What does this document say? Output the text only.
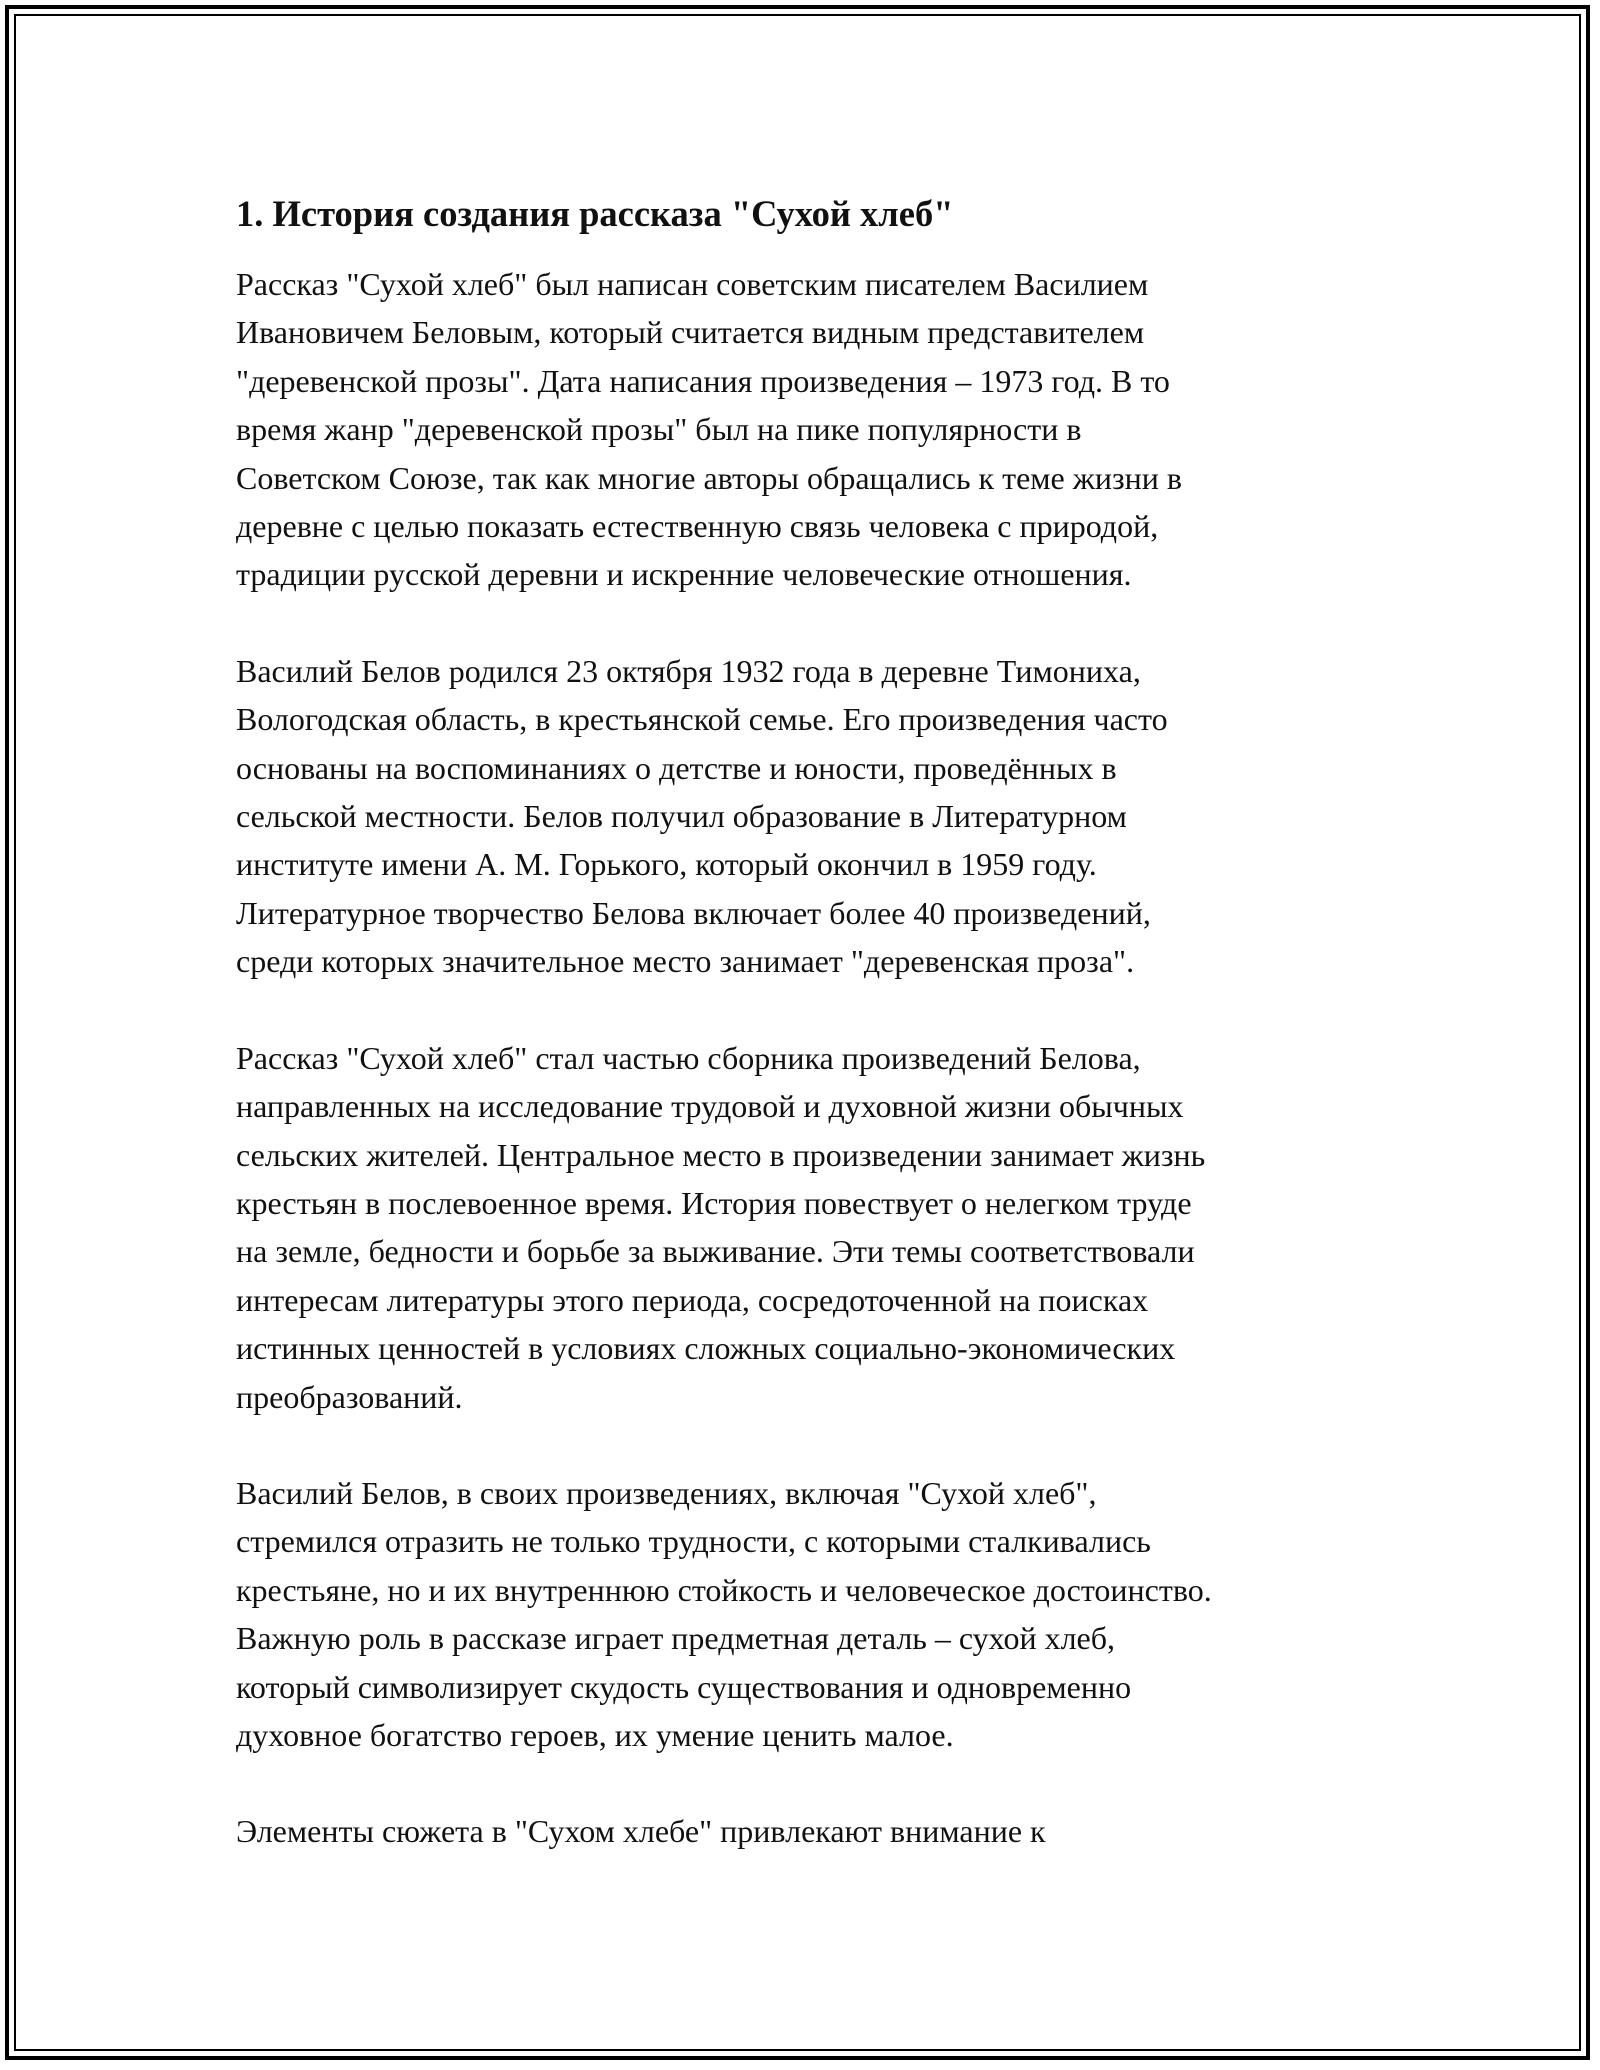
1. История создания рассказа "Сухой хлеб"

Рассказ "Сухой хлеб" был написан советским писателем Василием
Ивановичем Беловым, который считается видным представителем
"деревенской прозы". Дата написания произведения – 1973 год. В то
время жанр "деревенской прозы" был на пике популярности в
Советском Союзе, так как многие авторы обращались к теме жизни в
деревне с целью показать естественную связь человека с природой,
традиции русской деревни и искренние человеческие отношения.

Василий Белов родился 23 октября 1932 года в деревне Тимониха,
Вологодская область, в крестьянской семье. Его произведения часто
основаны на воспоминаниях о детстве и юности, проведённых в
сельской местности. Белов получил образование в Литературном
институте имени А. М. Горького, который окончил в 1959 году.
Литературное творчество Белова включает более 40 произведений,
среди которых значительное место занимает "деревенская проза".

Рассказ "Сухой хлеб" стал частью сборника произведений Белова,
направленных на исследование трудовой и духовной жизни обычных
сельских жителей. Центральное место в произведении занимает жизнь
крестьян в послевоенное время. История повествует о нелегком труде
на земле, бедности и борьбе за выживание. Эти темы соответствовали
интересам литературы этого периода, сосредоточенной на поисках
истинных ценностей в условиях сложных социально-экономических
преобразований.

Василий Белов, в своих произведениях, включая "Сухой хлеб",
стремился отразить не только трудности, с которыми сталкивались
крестьяне, но и их внутреннюю стойкость и человеческое достоинство.
Важную роль в рассказе играет предметная деталь – сухой хлеб,
который символизирует скудость существования и одновременно
духовное богатство героев, их умение ценить малое.

Элементы сюжета в "Сухом хлебе" привлекают внимание к
